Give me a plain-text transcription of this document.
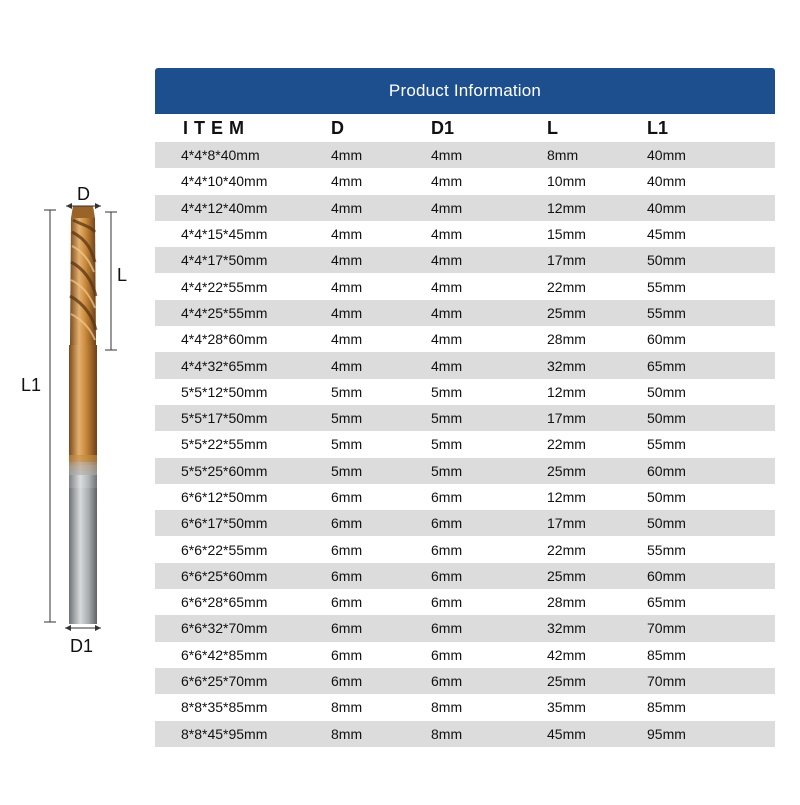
D
L
L1
D1
Product Information
ITEM	D	D1	L	L1
4*4*8*40mm	4mm	4mm	8mm	40mm
4*4*10*40mm	4mm	4mm	10mm	40mm
4*4*12*40mm	4mm	4mm	12mm	40mm
4*4*15*45mm	4mm	4mm	15mm	45mm
4*4*17*50mm	4mm	4mm	17mm	50mm
4*4*22*55mm	4mm	4mm	22mm	55mm
4*4*25*55mm	4mm	4mm	25mm	55mm
4*4*28*60mm	4mm	4mm	28mm	60mm
4*4*32*65mm	4mm	4mm	32mm	65mm
5*5*12*50mm	5mm	5mm	12mm	50mm
5*5*17*50mm	5mm	5mm	17mm	50mm
5*5*22*55mm	5mm	5mm	22mm	55mm
5*5*25*60mm	5mm	5mm	25mm	60mm
6*6*12*50mm	6mm	6mm	12mm	50mm
6*6*17*50mm	6mm	6mm	17mm	50mm
6*6*22*55mm	6mm	6mm	22mm	55mm
6*6*25*60mm	6mm	6mm	25mm	60mm
6*6*28*65mm	6mm	6mm	28mm	65mm
6*6*32*70mm	6mm	6mm	32mm	70mm
6*6*42*85mm	6mm	6mm	42mm	85mm
6*6*25*70mm	6mm	6mm	25mm	70mm
8*8*35*85mm	8mm	8mm	35mm	85mm
8*8*45*95mm	8mm	8mm	45mm	95mm
